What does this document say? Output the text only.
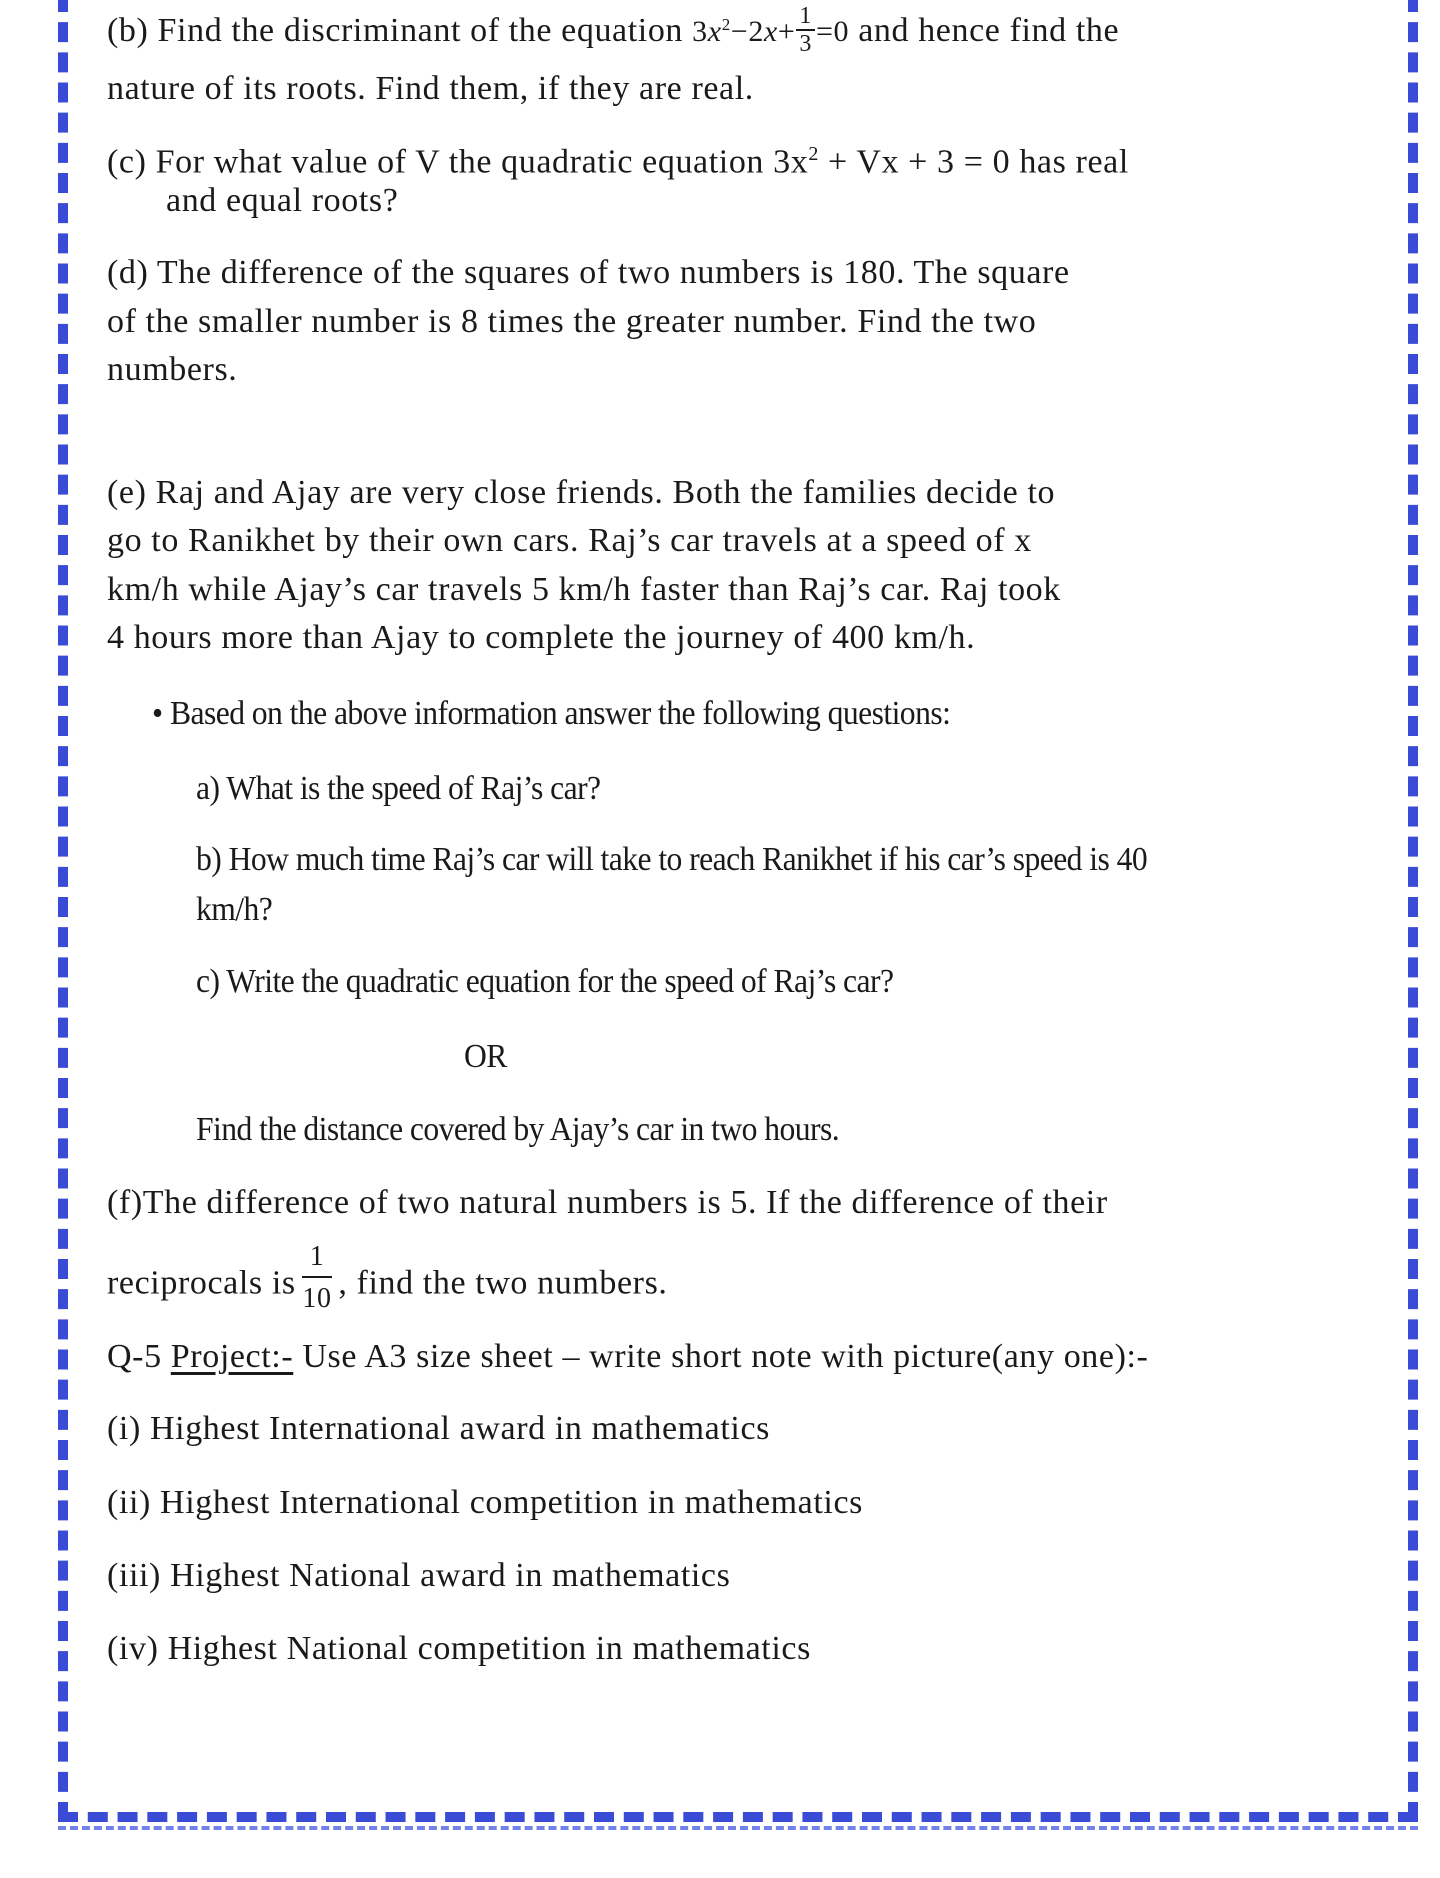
(b) Find the discriminant of the equation $3x^2-2x+ \frac{1}{3} =0$ and hence find the

nature of its roots. Find them, if they are real.

(c) For what value of V the quadratic equation $3x^2 + Vx + 3 = 0$ has real

and equal roots?

(d) The difference of the squares of two numbers is 180. The square

of the smaller number is 8 times the greater number. Find the two

numbers.

(e) Raj and Ajay are very close friends. Both the families decide to

go to Ranikhet by their own cars. Raj’s car travels at a speed of x

km/h while Ajay’s car travels 5 km/h faster than Raj’s car. Raj took

4 hours more than Ajay to complete the journey of 400 km/h.

• Based on the above information answer the following questions:

a) What is the speed of Raj’s car?

b) How much time Raj’s car will take to reach Ranikhet if his car’s speed is 40

km/h?

c) Write the quadratic equation for the speed of Raj’s car?

OR

Find the distance covered by Ajay’s car in two hours.

(f)The difference of two natural numbers is 5. If the difference of their

reciprocals is $\frac{1}{10}$ , find the two numbers.

Q-5 Project:- Use A3 size sheet – write short note with picture(any one):-

(i) Highest International award in mathematics

(ii) Highest International competition in mathematics

(iii) Highest National award in mathematics

(iv) Highest National competition in mathematics
